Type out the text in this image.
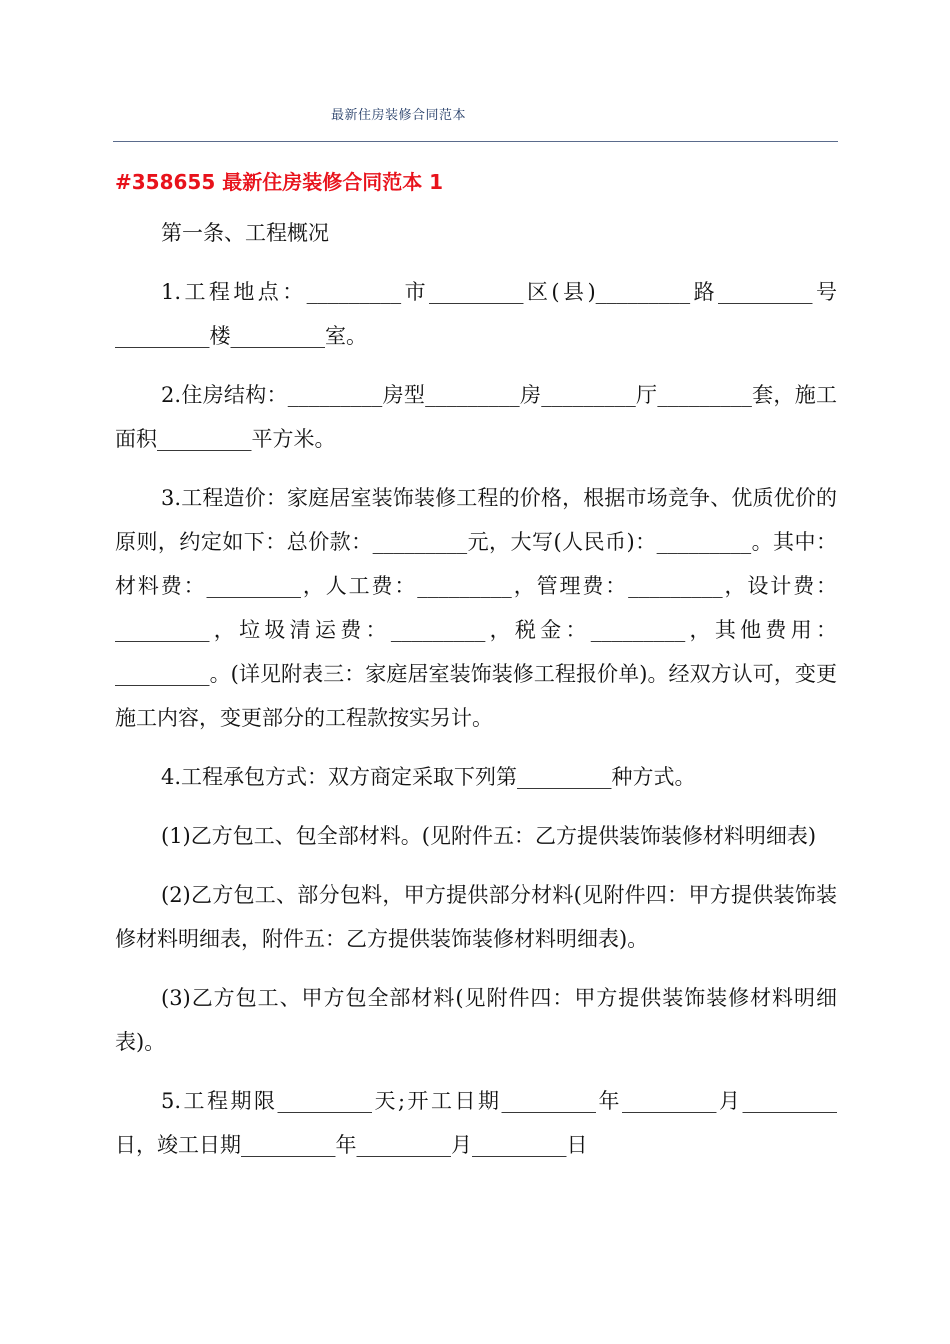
最新住房装修合同范本
#358655 最新住房装修合同范本 1

第一条、工程概况

1.工程地点：_________市_________区(县)_________路_________号_________楼_________室。

2.住房结构：_________房型_________房_________厅_________套，施工面积_________平方米。

3.工程造价：家庭居室装饰装修工程的价格，根据市场竞争、优质优价的原则，约定如下：总价款：_________元，大写(人民币)：_________。其中：材料费：_________，人工费：_________，管理费：_________，设计费：_________，垃圾清运费：_________，税金：_________，其他费用：_________。(详见附表三：家庭居室装饰装修工程报价单)。经双方认可，变更施工内容，变更部分的工程款按实另计。

4.工程承包方式：双方商定采取下列第_________种方式。

(1)乙方包工、包全部材料。(见附件五：乙方提供装饰装修材料明细表)

(2)乙方包工、部分包料，甲方提供部分材料(见附件四：甲方提供装饰装修材料明细表，附件五：乙方提供装饰装修材料明细表)。

(3)乙方包工、甲方包全部材料(见附件四：甲方提供装饰装修材料明细表)。

5.工程期限_________天;开工日期_________年_________月_________日，竣工日期_________年_________月_________日
